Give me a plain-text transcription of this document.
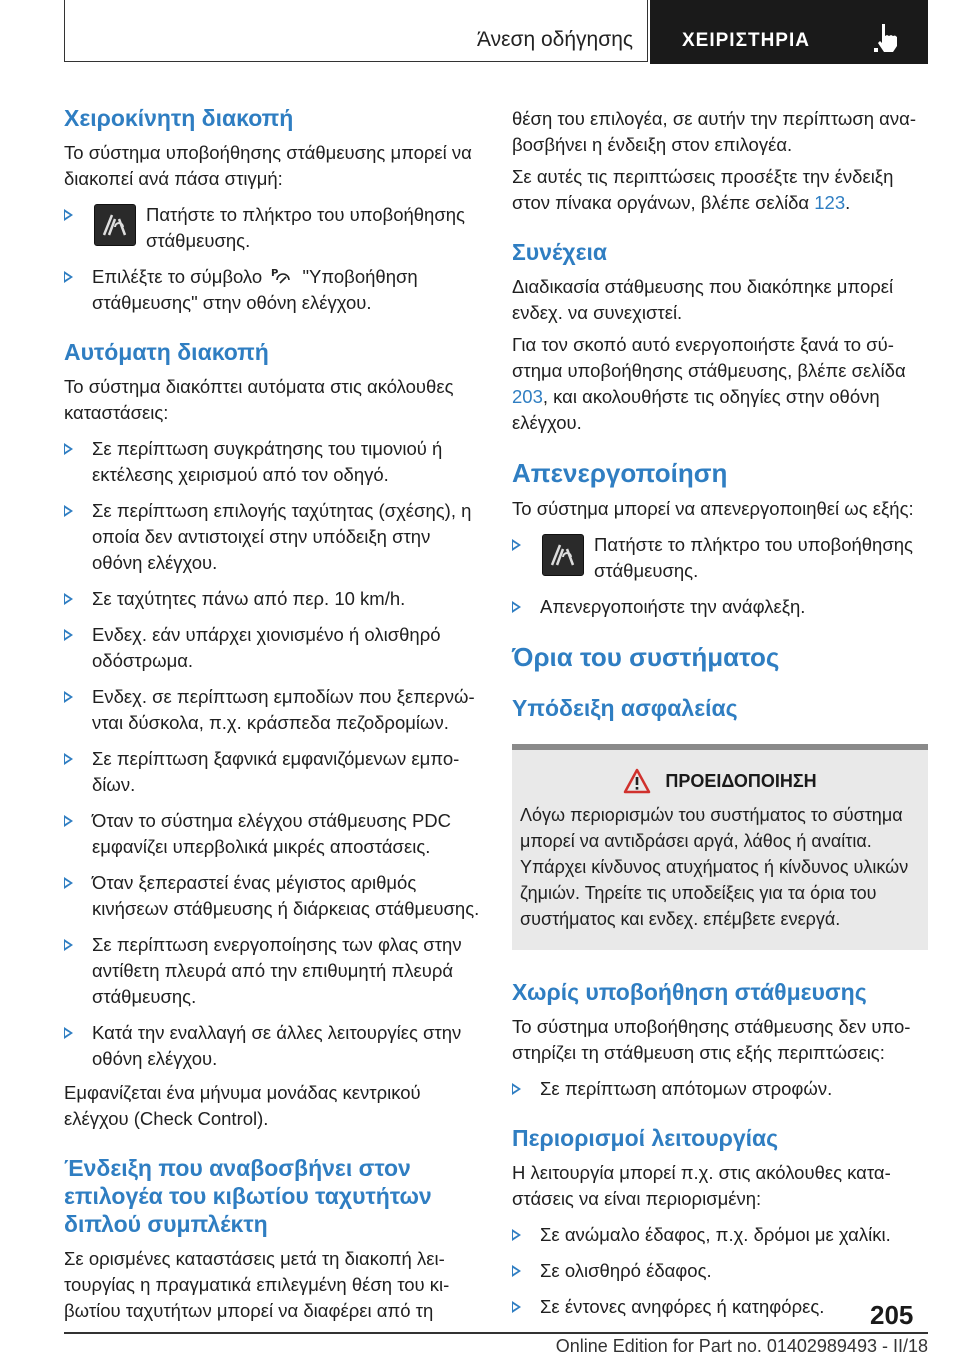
Άνεση οδήγησης	ΧΕΙΡΙΣΤΗΡΙΑ
Χειροκίνητη διακοπή

Το σύστημα υποβοήθησης στάθμευσης μπορεί να διακοπεί ανά πάσα στιγμή:

Πατήστε το πλήκτρο του υποβοήθησης στάθμευσης.
Επιλέξτε το σύμβολο P "Υποβοήθηση στάθμευσης" στην οθόνη ελέγχου.
Αυτόματη διακοπή

Το σύστημα διακόπτει αυτόματα στις ακόλουθες καταστάσεις:

Σε περίπτωση συγκράτησης του τιμονιού ή εκτέλεσης χειρισμού από τον οδηγό.
Σε περίπτωση επιλογής ταχύτητας (σχέσης), η οποία δεν αντιστοιχεί στην υπόδειξη στην οθόνη ελέγχου.
Σε ταχύτητες πάνω από περ. 10 km/h.
Ενδεχ. εάν υπάρχει χιονισμένο ή ολισθηρό οδόστρωμα.
Ενδεχ. σε περίπτωση εμποδίων που ξεπερνώνται δύσκολα, π.χ. κράσπεδα πεζοδρομίων.
Σε περίπτωση ξαφνικά εμφανιζόμενων εμποδίων.
Όταν το σύστημα ελέγχου στάθμευσης PDC εμφανίζει υπερβολικά μικρές αποστάσεις.
Όταν ξεπεραστεί ένας μέγιστος αριθμός κινήσεων στάθμευσης ή διάρκειας στάθμευσης.
Σε περίπτωση ενεργοποίησης των φλας στην αντίθετη πλευρά από την επιθυμητή πλευρά στάθμευσης.
Κατά την εναλλαγή σε άλλες λειτουργίες στην οθόνη ελέγχου.

Εμφανίζεται ένα μήνυμα μονάδας κεντρικού ελέγχου (Check Control).

Ένδειξη που αναβοσβήνει στον επιλογέα του κιβωτίου ταχυτήτων διπλού συμπλέκτη

Σε ορισμένες καταστάσεις μετά τη διακοπή λειτουργίας η πραγματικά επιλεγμένη θέση του κιβωτίου ταχυτήτων μπορεί να διαφέρει από τη

θέση του επιλογέα, σε αυτήν την περίπτωση αναβοσβήνει η ένδειξη στον επιλογέα.

Σε αυτές τις περιπτώσεις προσέξτε την ένδειξη στον πίνακα οργάνων, βλέπε σελίδα 123.

Συνέχεια

Διαδικασία στάθμευσης που διακόπηκε μπορεί ενδεχ. να συνεχιστεί.

Για τον σκοπό αυτό ενεργοποιήστε ξανά το σύστημα υποβοήθησης στάθμευσης, βλέπε σελίδα 203, και ακολουθήστε τις οδηγίες στην οθόνη ελέγχου.

Απενεργοποίηση

Το σύστημα μπορεί να απενεργοποιηθεί ως εξής:

Πατήστε το πλήκτρο του υποβοήθησης στάθμευσης.
Απενεργοποιήστε την ανάφλεξη.
Όρια του συστήματος
Υπόδειξη ασφαλείας
ΠΡΟΕΙΔΟΠΟΙΗΣΗ

Λόγω περιορισμών του συστήματος το σύστημα μπορεί να αντιδράσει αργά, λάθος ή αναίτια. Υπάρχει κίνδυνος ατυχήματος ή κίνδυνος υλικών ζημιών. Τηρείτε τις υποδείξεις για τα όρια του συστήματος και ενδεχ. επέμβετε ενεργά.

Χωρίς υποβοήθηση στάθμευσης

Το σύστημα υποβοήθησης στάθμευσης δεν υποστηρίζει τη στάθμευση στις εξής περιπτώσεις:

Σε περίπτωση απότομων στροφών.
Περιορισμοί λειτουργίας

Η λειτουργία μπορεί π.χ. στις ακόλουθες καταστάσεις να είναι περιορισμένη:

Σε ανώμαλο έδαφος, π.χ. δρόμοι με χαλίκι.
Σε ολισθηρό έδαφος.
Σε έντονες ανηφόρες ή κατηφόρες.	205
Online Edition for Part no. 01402989493 - II/18
